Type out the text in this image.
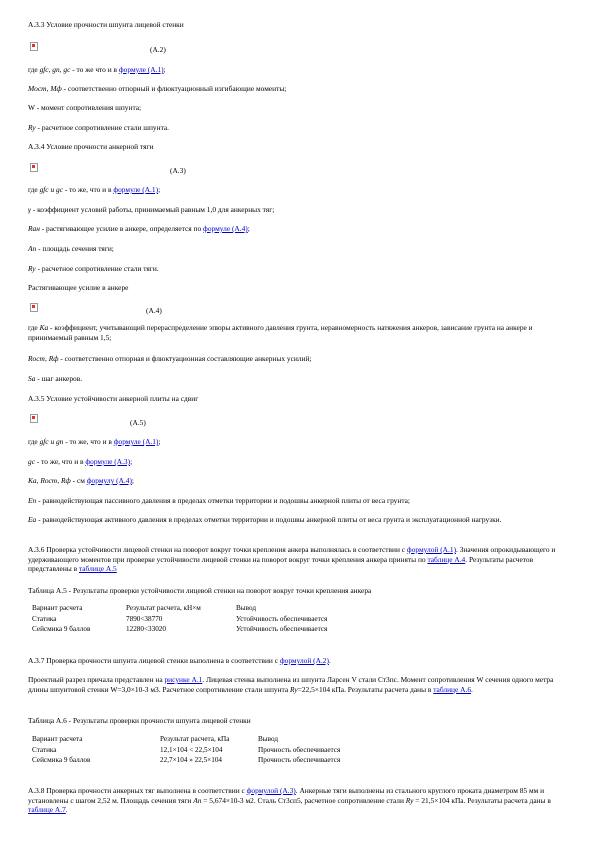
А.3.3 Условие прочности шпунта лицевой стенки
(А.2)
где gfc, gn, gc - то же что и в формуле (А.1);
Mост, Mф - соответственно отпорный и флюктуационный изгибающие моменты;
W - момент сопротивления шпунта;
Ry - расчетное сопротивление стали шпунта.
А.3.4 Условие прочности анкерной тяги
(А.3)
где gfc и gc - то же, что и в формуле (А.1);
γ - коэффициент условий работы, принимаемый равным 1,0 для анкерных тяг;
Rан - растягивающее усилие в анкере, определяется по формуле (А.4);
Aп - площадь сечения тяги;
Ry - расчетное сопротивление стали тяги.
Растягивающее усилие в анкере
(А.4)
где Kа - коэффициент, учитывающий перераспределение эпюры активного давления грунта, неравномерность натяжения анкеров, зависание грунта на анкере и принимаемый равным 1,5;
Rост, Rф - соответственно отпорная и флюктуационная составляющие анкерных усилий;
Sа - шаг анкеров.
А.3.5 Условие устойчивости анкерной плиты на сдвиг
(А.5)
где gfc и gn - то же, что и в формуле (А.1);
gc - то же, что и в формуле (А.3);
Kа, Rост, Rф - см формулу (А.4);
Eп - равнодействующая пассивного давления в пределах отметки территории и подошвы анкерной плиты от веса грунта;
Eа - равнодействующая активного давления в пределах отметки территории и подошвы анкерной плиты от веса грунта и эксплуатационной нагрузки.
А.3.6 Проверка устойчивости лицевой стенки на поворот вокруг точки крепления анкера выполнялась в соответствии с формулой (А.1). Значения опрокидывающего и удерживающего моментов при проверке устойчивости лицевой стенки на поворот вокруг точки крепления анкера приняты по таблице А.4. Результаты расчетов представлены в таблице А.5
Таблица А.5 - Результаты проверки устойчивости лицевой стенки на поворот вокруг точки крепления анкера
Вариант расчета	Результат расчета, кН×м	Вывод
Статика	7890<38770	Устойчивость обеспечивается
Сейсмика 9 баллов	12280<33020	Устойчивость обеспечивается
А.3.7 Проверка прочности шпунта лицевой стенки выполнена в соответствии с формулой (А.2).
Проектный разрез причала представлен на рисунке А.1. Лицевая стенка выполнена из шпунта Ларсен V стали Ст3пс. Момент сопротивления W сечения одного метра длины шпунтовой стенки W=3,0×10-3 м3. Расчетное сопротивление стали шпунта Ry=22,5×104 кПа. Результаты расчета даны в таблице А.6.
Таблица А.6 - Результаты проверки прочности шпунта лицевой стенки
Вариант расчета	Результат расчета, кПа	Вывод
Статика	12,1×104 < 22,5×104	Прочность обеспечивается
Сейсмика 9 баллов	22,7×104 » 22,5×104	Прочность обеспечивается
А.3.8 Проверка прочности анкерных тяг выполнена в соответствии с формулой (А.3). Анкерные тяги выполнены из стального круглого проката диаметром 85 мм и установлены с шагом 2,52 м. Площадь сечения тяги Aп = 5,674×10-3 м2. Сталь Ст3сп5, расчетное сопротивление стали Ry = 21,5×104 кПа. Результаты расчета даны в таблице А.7.
